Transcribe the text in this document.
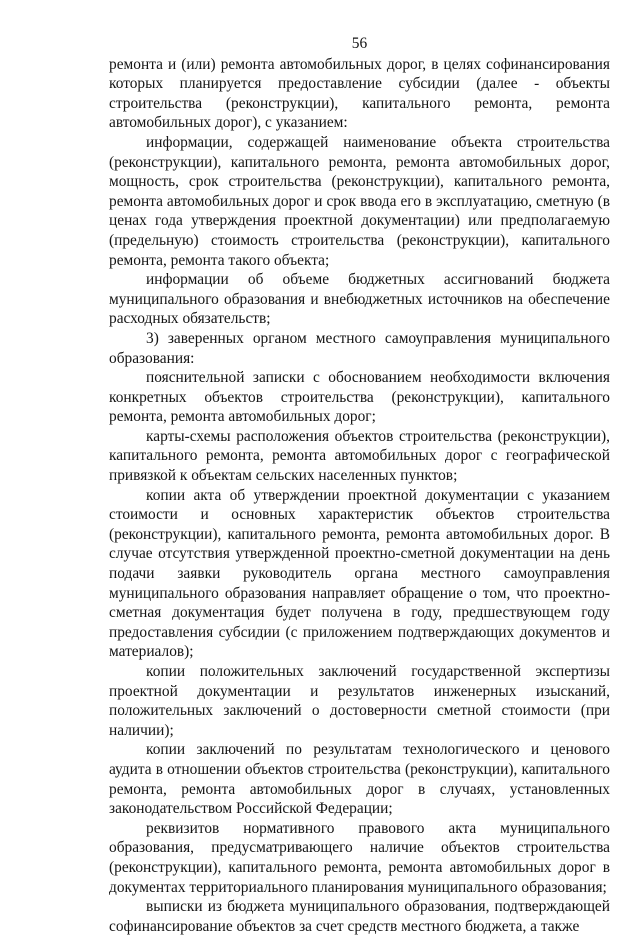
56

ремонта и (или) ремонта автомобильных дорог, в целях софинансирования которых планируется предоставление субсидии (далее - объекты строительства (реконструкции), капитального ремонта, ремонта автомобильных дорог), с указанием:

информации, содержащей наименование объекта строительства (реконструкции), капитального ремонта, ремонта автомобильных дорог, мощность, срок строительства (реконструкции), капитального ремонта, ремонта автомобильных дорог и срок ввода его в эксплуатацию, сметную (в ценах года утверждения проектной документации) или предполагаемую (предельную) стоимость строительства (реконструкции), капитального ремонта, ремонта такого объекта;

информации об объеме бюджетных ассигнований бюджета муниципального образования и внебюджетных источников на обеспечение расходных обязательств;

3) заверенных органом местного самоуправления муниципального образования:

пояснительной записки с обоснованием необходимости включения конкретных объектов строительства (реконструкции), капитального ремонта, ремонта автомобильных дорог;

карты-схемы расположения объектов строительства (реконструкции), капитального ремонта, ремонта автомобильных дорог с географической привязкой к объектам сельских населенных пунктов;

копии акта об утверждении проектной документации с указанием стоимости и основных характеристик объектов строительства (реконструкции), капитального ремонта, ремонта автомобильных дорог. В случае отсутствия утвержденной проектно-сметной документации на день подачи заявки руководитель органа местного самоуправления муниципального образования направляет обращение о том, что проектно-сметная документация будет получена в году, предшествующем году предоставления субсидии (с приложением подтверждающих документов и материалов);

копии положительных заключений государственной экспертизы проектной документации и результатов инженерных изысканий, положительных заключений о достоверности сметной стоимости (при наличии);

копии заключений по результатам технологического и ценового аудита в отношении объектов строительства (реконструкции), капитального ремонта, ремонта автомобильных дорог в случаях, установленных законодательством Российской Федерации;

реквизитов нормативного правового акта муниципального образования, предусматривающего наличие объектов строительства (реконструкции), капитального ремонта, ремонта автомобильных дорог в документах территориального планирования муниципального образования;

выписки из бюджета муниципального образования, подтверждающей софинансирование объектов за счет средств местного бюджета, а также
